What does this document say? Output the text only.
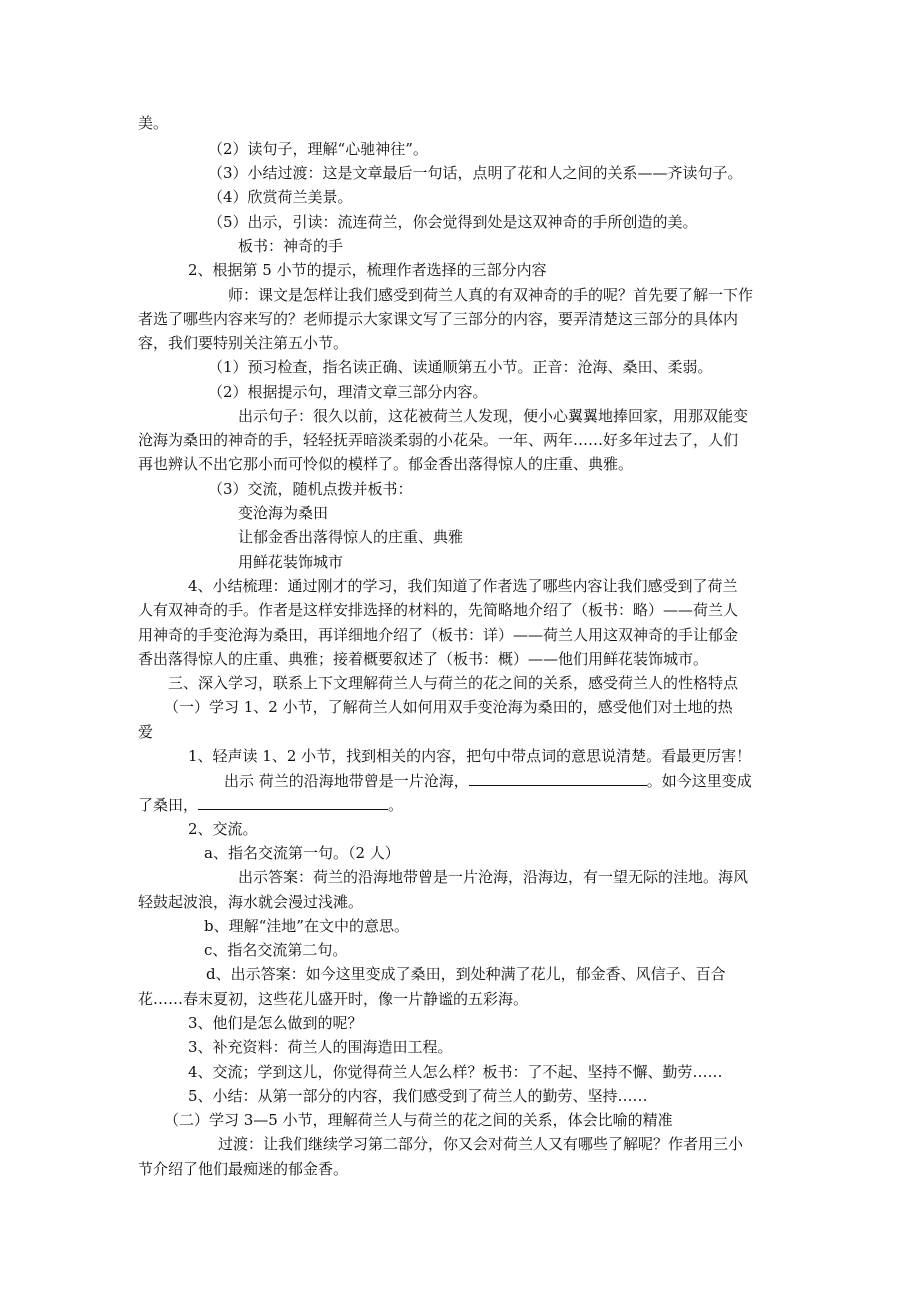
美。
（2）读句子，理解“心驰神往”。
（3）小结过渡：这是文章最后一句话，点明了花和人之间的关系——齐读句子。
（4）欣赏荷兰美景。
（5）出示，引读：流连荷兰，你会觉得到处是这双神奇的手所创造的美。
板书：神奇的手
2、根据第 5 小节的提示，梳理作者选择的三部分内容
师：课文是怎样让我们感受到荷兰人真的有双神奇的手的呢？首先要了解一下作
者选了哪些内容来写的？老师提示大家课文写了三部分的内容，要弄清楚这三部分的具体内
容，我们要特别关注第五小节。
（1）预习检查，指名读正确、读通顺第五小节。正音：沧海、桑田、柔弱。
（2）根据提示句，理清文章三部分内容。
出示句子：很久以前，这花被荷兰人发现，便小心翼翼地捧回家，用那双能变
沧海为桑田的神奇的手，轻轻抚弄暗淡柔弱的小花朵。一年、两年……好多年过去了，人们
再也辨认不出它那小而可怜似的模样了。郁金香出落得惊人的庄重、典雅。
（3）交流，随机点拨并板书：
变沧海为桑田
让郁金香出落得惊人的庄重、典雅
用鲜花装饰城市
4、小结梳理：通过刚才的学习，我们知道了作者选了哪些内容让我们感受到了荷兰
人有双神奇的手。作者是这样安排选择的材料的，先简略地介绍了（板书：略）——荷兰人
用神奇的手变沧海为桑田，再详细地介绍了（板书：详）——荷兰人用这双神奇的手让郁金
香出落得惊人的庄重、典雅；接着概要叙述了（板书：概）——他们用鲜花装饰城市。
三、深入学习，联系上下文理解荷兰人与荷兰的花之间的关系，感受荷兰人的性格特点
（一）学习 1、2 小节，了解荷兰人如何用双手变沧海为桑田的，感受他们对土地的热
爱
1、轻声读 1、2 小节，找到相关的内容，把句中带点词的意思说清楚。看最更厉害！
出示 荷兰的沿海地带曾是一片沧海，	。如今这里变成
了桑田，	。
2、交流。
a、指名交流第一句。（2 人）
出示答案：荷兰的沿海地带曾是一片沧海，沿海边，有一望无际的洼地。海风
轻鼓起波浪，海水就会漫过浅滩。
b、理解“洼地”在文中的意思。
c、指名交流第二句。
d、出示答案：如今这里变成了桑田，到处种满了花儿，郁金香、风信子、百合
花……春末夏初，这些花儿盛开时，像一片静谧的五彩海。
3、他们是怎么做到的呢？
3、补充资料：荷兰人的围海造田工程。
4、交流；学到这儿，你觉得荷兰人怎么样？板书：了不起、坚持不懈、勤劳……
5、小结：从第一部分的内容，我们感受到了荷兰人的勤劳、坚持……
（二）学习 3—5 小节，理解荷兰人与荷兰的花之间的关系，体会比喻的精准
过渡：让我们继续学习第二部分，你又会对荷兰人又有哪些了解呢？作者用三小
节介绍了他们最痴迷的郁金香。
